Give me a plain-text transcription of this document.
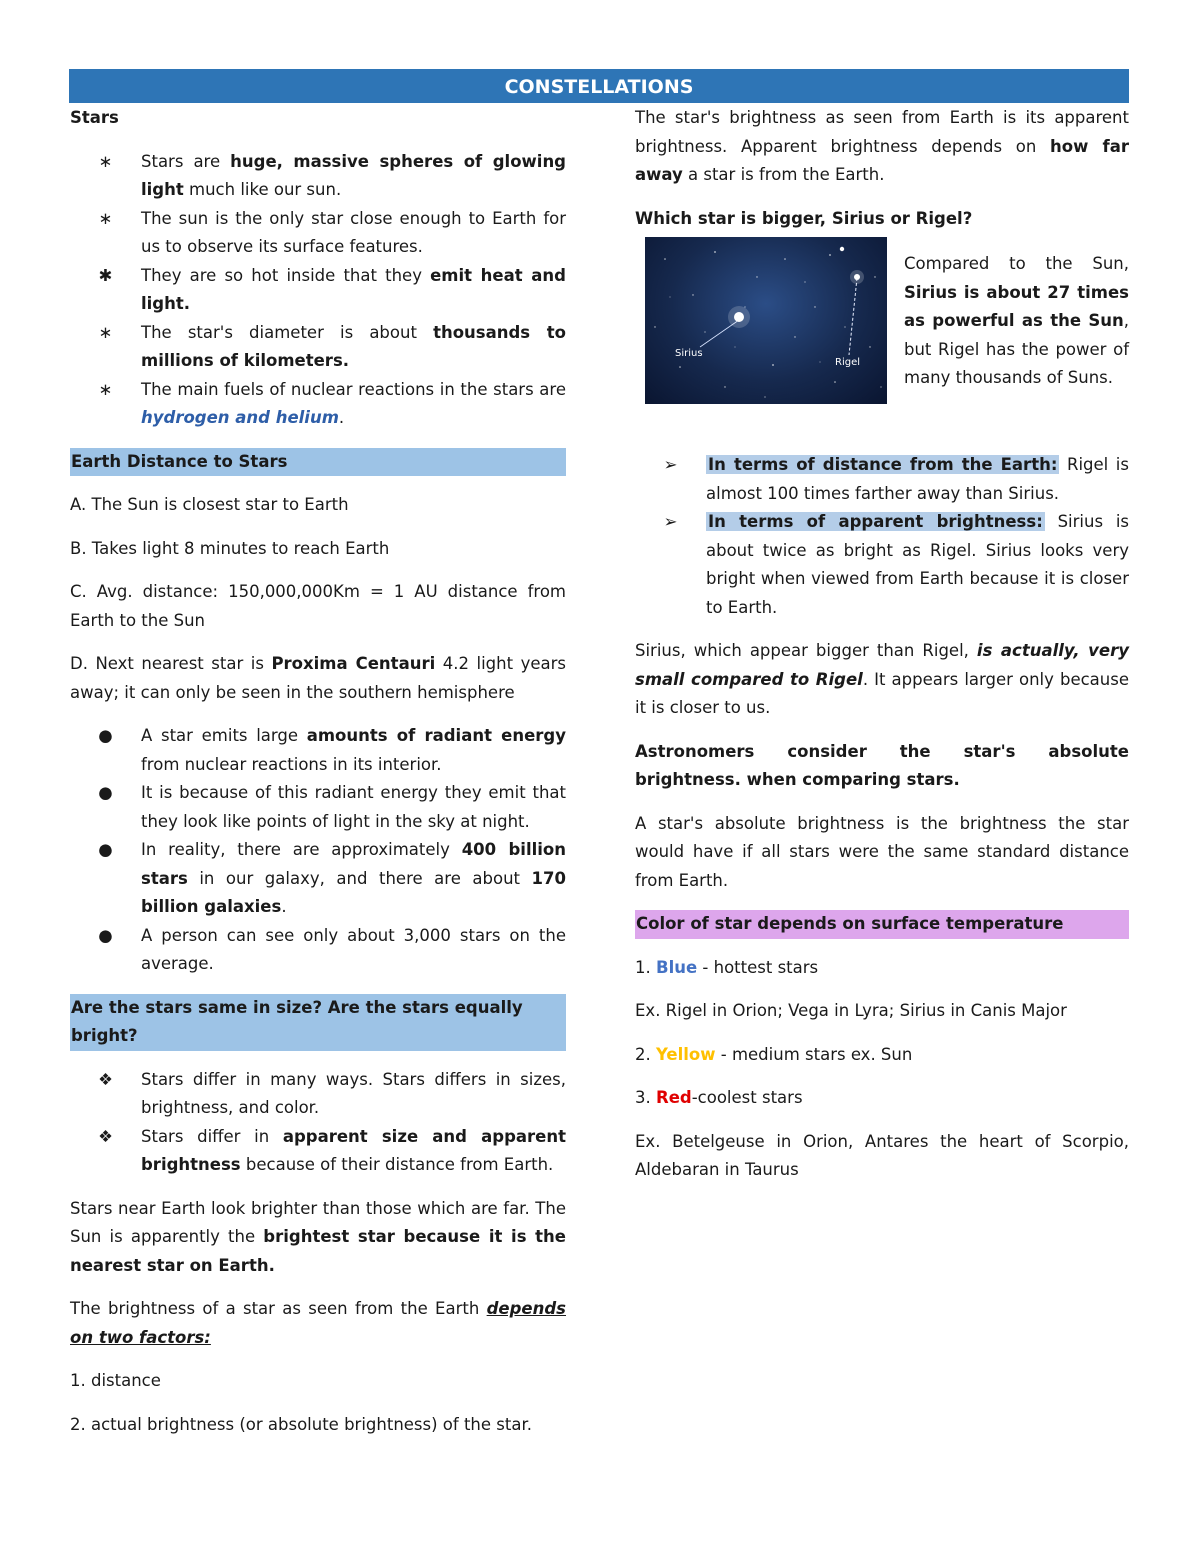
CONSTELLATIONS

Stars

∗	Stars are huge, massive spheres of glowing light much like our sun.
∗	The sun is the only star close enough to Earth for us to observe its surface features.
✱	They are so hot inside that they emit heat and light.
∗	The star's diameter is about thousands to millions of kilometers.
∗	The main fuels of nuclear reactions in the stars are hydrogen and helium.

Earth Distance to Stars

A. The Sun is closest star to Earth

B. Takes light 8 minutes to reach Earth

C. Avg. distance: 150,000,000Km = 1 AU distance from Earth to the Sun

D. Next nearest star is Proxima Centauri 4.2 light years away; it can only be seen in the southern hemisphere

●	A star emits large amounts of radiant energy from nuclear reactions in its interior.
●	It is because of this radiant energy they emit that they look like points of light in the sky at night.
●	In reality, there are approximately 400 billion stars in our galaxy, and there are about 170 billion galaxies.
●	A person can see only about 3,000 stars on the average.

Are the stars same in size? Are the stars equally bright?

❖	Stars differ in many ways. Stars differs in sizes, brightness, and color.
❖	Stars differ in apparent size and apparent brightness because of their distance from Earth.

Stars near Earth look brighter than those which are far. The Sun is apparently the brightest star because it is the nearest star on Earth.

The brightness of a star as seen from the Earth depends on two factors:

1. distance

2. actual brightness (or absolute brightness) of the star.

The star's brightness as seen from Earth is its apparent brightness. Apparent brightness depends on how far away a star is from the Earth.

Which star is bigger, Sirius or Rigel?

Sirius
Rigel

Compared to the Sun, Sirius is about 27 times as powerful as the Sun, but Rigel has the power of many thousands of Suns.

➢	In terms of distance from the Earth: Rigel is almost 100 times farther away than Sirius.
➢	In terms of apparent brightness: Sirius is about twice as bright as Rigel. Sirius looks very bright when viewed from Earth because it is closer to Earth.

Sirius, which appear bigger than Rigel, is actually, very small compared to Rigel. It appears larger only because it is closer to us.

Astronomers consider the star's absolute brightness. when comparing stars.

A star's absolute brightness is the brightness the star would have if all stars were the same standard distance from Earth.

Color of star depends on surface temperature

1. Blue - hottest stars

Ex. Rigel in Orion; Vega in Lyra; Sirius in Canis Major

2. Yellow - medium stars ex. Sun

3. Red-coolest stars

Ex. Betelgeuse in Orion, Antares the heart of Scorpio, Aldebaran in Taurus
